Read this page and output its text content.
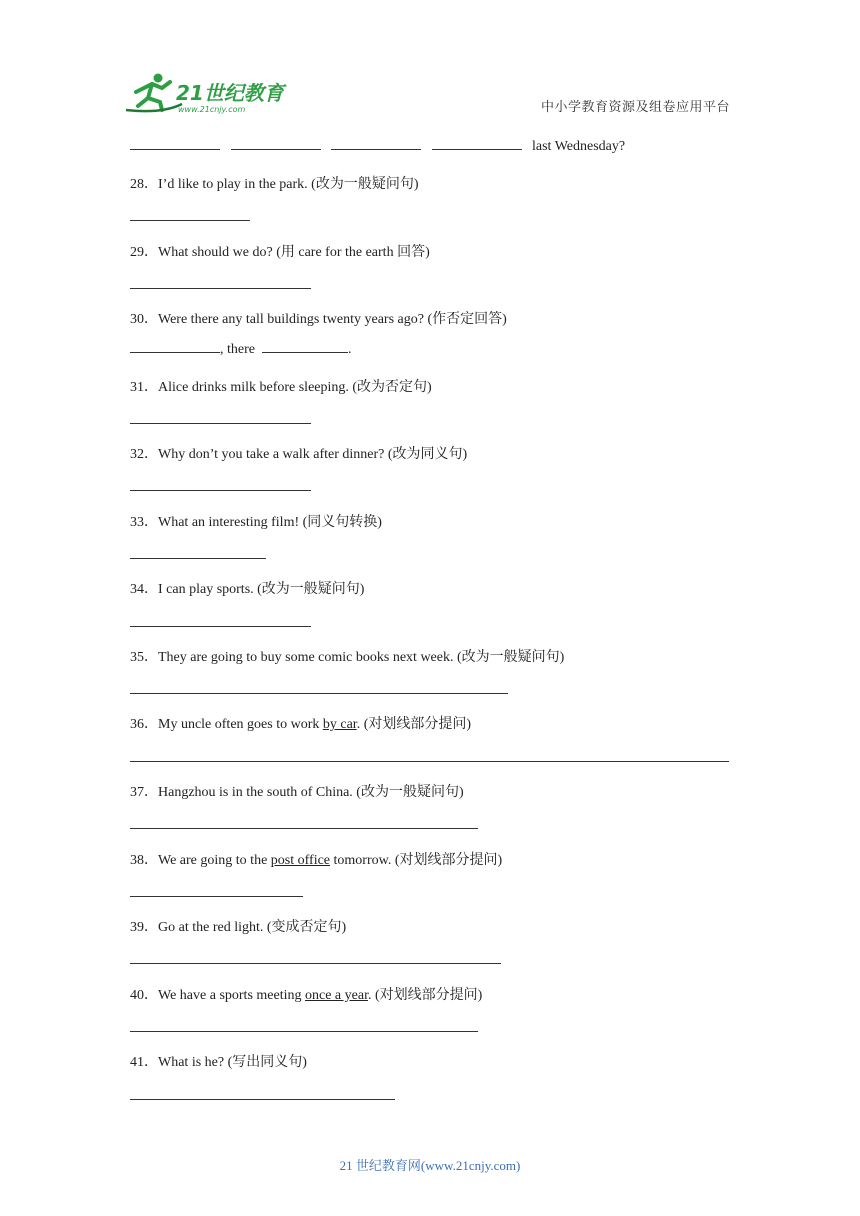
21世纪教育
www.21cnjy.com	中小学教育资源及组卷应用平台
last Wednesday?
28．I’d like to play in the park. (改为一般疑问句)
29．What should we do? (用 care for the earth 回答)
30．Were there any tall buildings twenty years ago? (作否定回答)
, there	.
31．Alice drinks milk before sleeping. (改为否定句)
32．Why don’t you take a walk after dinner? (改为同义句)
33．What an interesting film! (同义句转换)
34．I can play sports. (改为一般疑问句)
35．They are going to buy some comic books next week. (改为一般疑问句)
36．My uncle often goes to work by car. (对划线部分提问)
37．Hangzhou is in the south of China. (改为一般疑问句)
38．We are going to the post office tomorrow. (对划线部分提问)
39．Go at the red light. (变成否定句)
40．We have a sports meeting once a year. (对划线部分提问)
41．What is he? (写出同义句)
21 世纪教育网(www.21cnjy.com)
